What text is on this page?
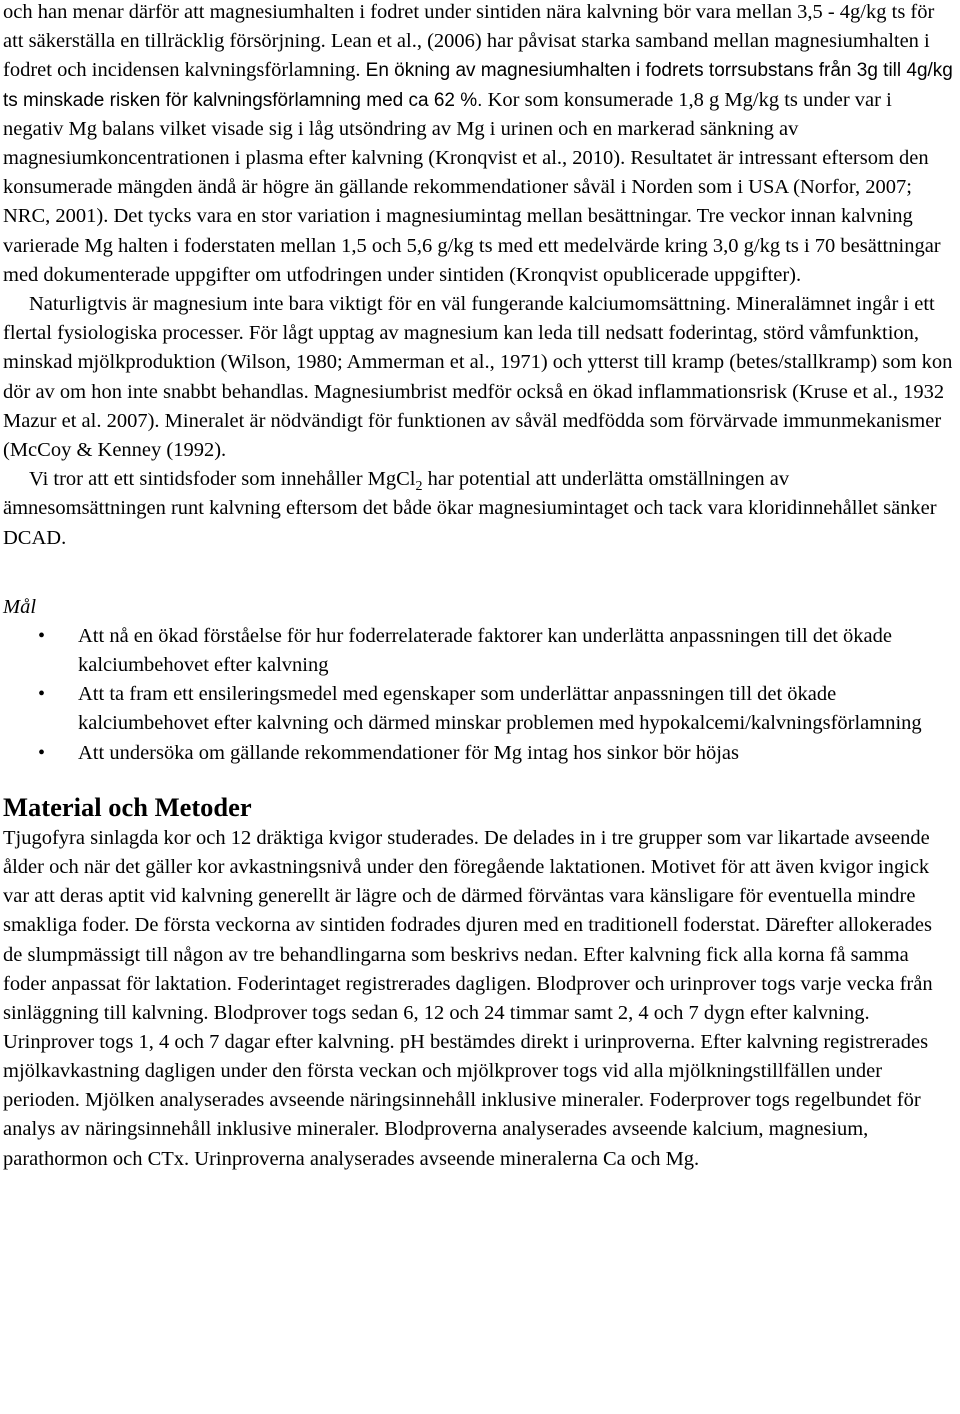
och han menar därför att magnesiumhalten i fodret under sintiden nära kalvning bör vara mellan 3,5 - 4g/kg ts för att säkerställa en tillräcklig försörjning. Lean et al., (2006) har påvisat starka samband mellan magnesiumhalten i fodret och incidensen kalvningsförlamning. En ökning av magnesiumhalten i fodrets torrsubstans från 3g till 4g/kg ts minskade risken för kalvningsförlamning med ca 62 %. Kor som konsumerade 1,8 g Mg/kg ts under var i negativ Mg balans vilket visade sig i låg utsöndring av Mg i urinen och en markerad sänkning av magnesiumkoncentrationen i plasma efter kalvning (Kronqvist et al., 2010). Resultatet är intressant eftersom den konsumerade mängden ändå är högre än gällande rekommendationer såväl i Norden som i USA (Norfor, 2007; NRC, 2001). Det tycks vara en stor variation i magnesiumintag mellan besättningar. Tre veckor innan kalvning varierade Mg halten i foderstaten mellan 1,5 och 5,6 g/kg ts med ett medelvärde kring 3,0 g/kg ts i 70 besättningar med dokumenterade uppgifter om utfodringen under sintiden (Kronqvist opublicerade uppgifter).

Naturligtvis är magnesium inte bara viktigt för en väl fungerande kalciumomsättning. Mineralämnet ingår i ett flertal fysiologiska processer. För lågt upptag av magnesium kan leda till nedsatt foderintag, störd våmfunktion, minskad mjölkproduktion (Wilson, 1980; Ammerman et al., 1971) och ytterst till kramp (betes/stallkramp) som kon dör av om hon inte snabbt behandlas. Magnesiumbrist medför också en ökad inflammationsrisk (Kruse et al., 1932 Mazur et al. 2007). Mineralet är nödvändigt för funktionen av såväl medfödda som förvärvade immunmekanismer (McCoy & Kenney (1992).

Vi tror att ett sintidsfoder som innehåller MgCl$_2$ har potential att underlätta omställningen av ämnesomsättningen runt kalvning eftersom det både ökar magnesiumintaget och tack vara kloridinnehållet sänker DCAD.

Mål

• Att nå en ökad förståelse för hur foderrelaterade faktorer kan underlätta anpassningen till det ökade kalciumbehovet efter kalvning
• Att ta fram ett ensileringsmedel med egenskaper som underlättar anpassningen till det ökade kalciumbehovet efter kalvning och därmed minskar problemen med hypokalcemi/kalvningsförlamning
• Att undersöka om gällande rekommendationer för Mg intag hos sinkor bör höjas
Material och Metoder

Tjugofyra sinlagda kor och 12 dräktiga kvigor studerades. De delades in i tre grupper som var likartade avseende ålder och när det gäller kor avkastningsnivå under den föregående laktationen. Motivet för att även kvigor ingick var att deras aptit vid kalvning generellt är lägre och de därmed förväntas vara känsligare för eventuella mindre smakliga foder. De första veckorna av sintiden fodrades djuren med en traditionell foderstat. Därefter allokerades de slumpmässigt till någon av tre behandlingarna som beskrivs nedan. Efter kalvning fick alla korna få samma foder anpassat för laktation. Foderintaget registrerades dagligen. Blodprover och urinprover togs varje vecka från sinläggning till kalvning. Blodprover togs sedan 6, 12 och 24 timmar samt 2, 4 och 7 dygn efter kalvning. Urinprover togs 1, 4 och 7 dagar efter kalvning. pH bestämdes direkt i urinproverna. Efter kalvning registrerades mjölkavkastning dagligen under den första veckan och mjölkprover togs vid alla mjölkningstillfällen under perioden. Mjölken analyserades avseende näringsinnehåll inklusive mineraler. Foderprover togs regelbundet för analys av näringsinnehåll inklusive mineraler. Blodproverna analyserades avseende kalcium, magnesium, parathormon och CTx. Urinproverna analyserades avseende mineralerna Ca och Mg.
